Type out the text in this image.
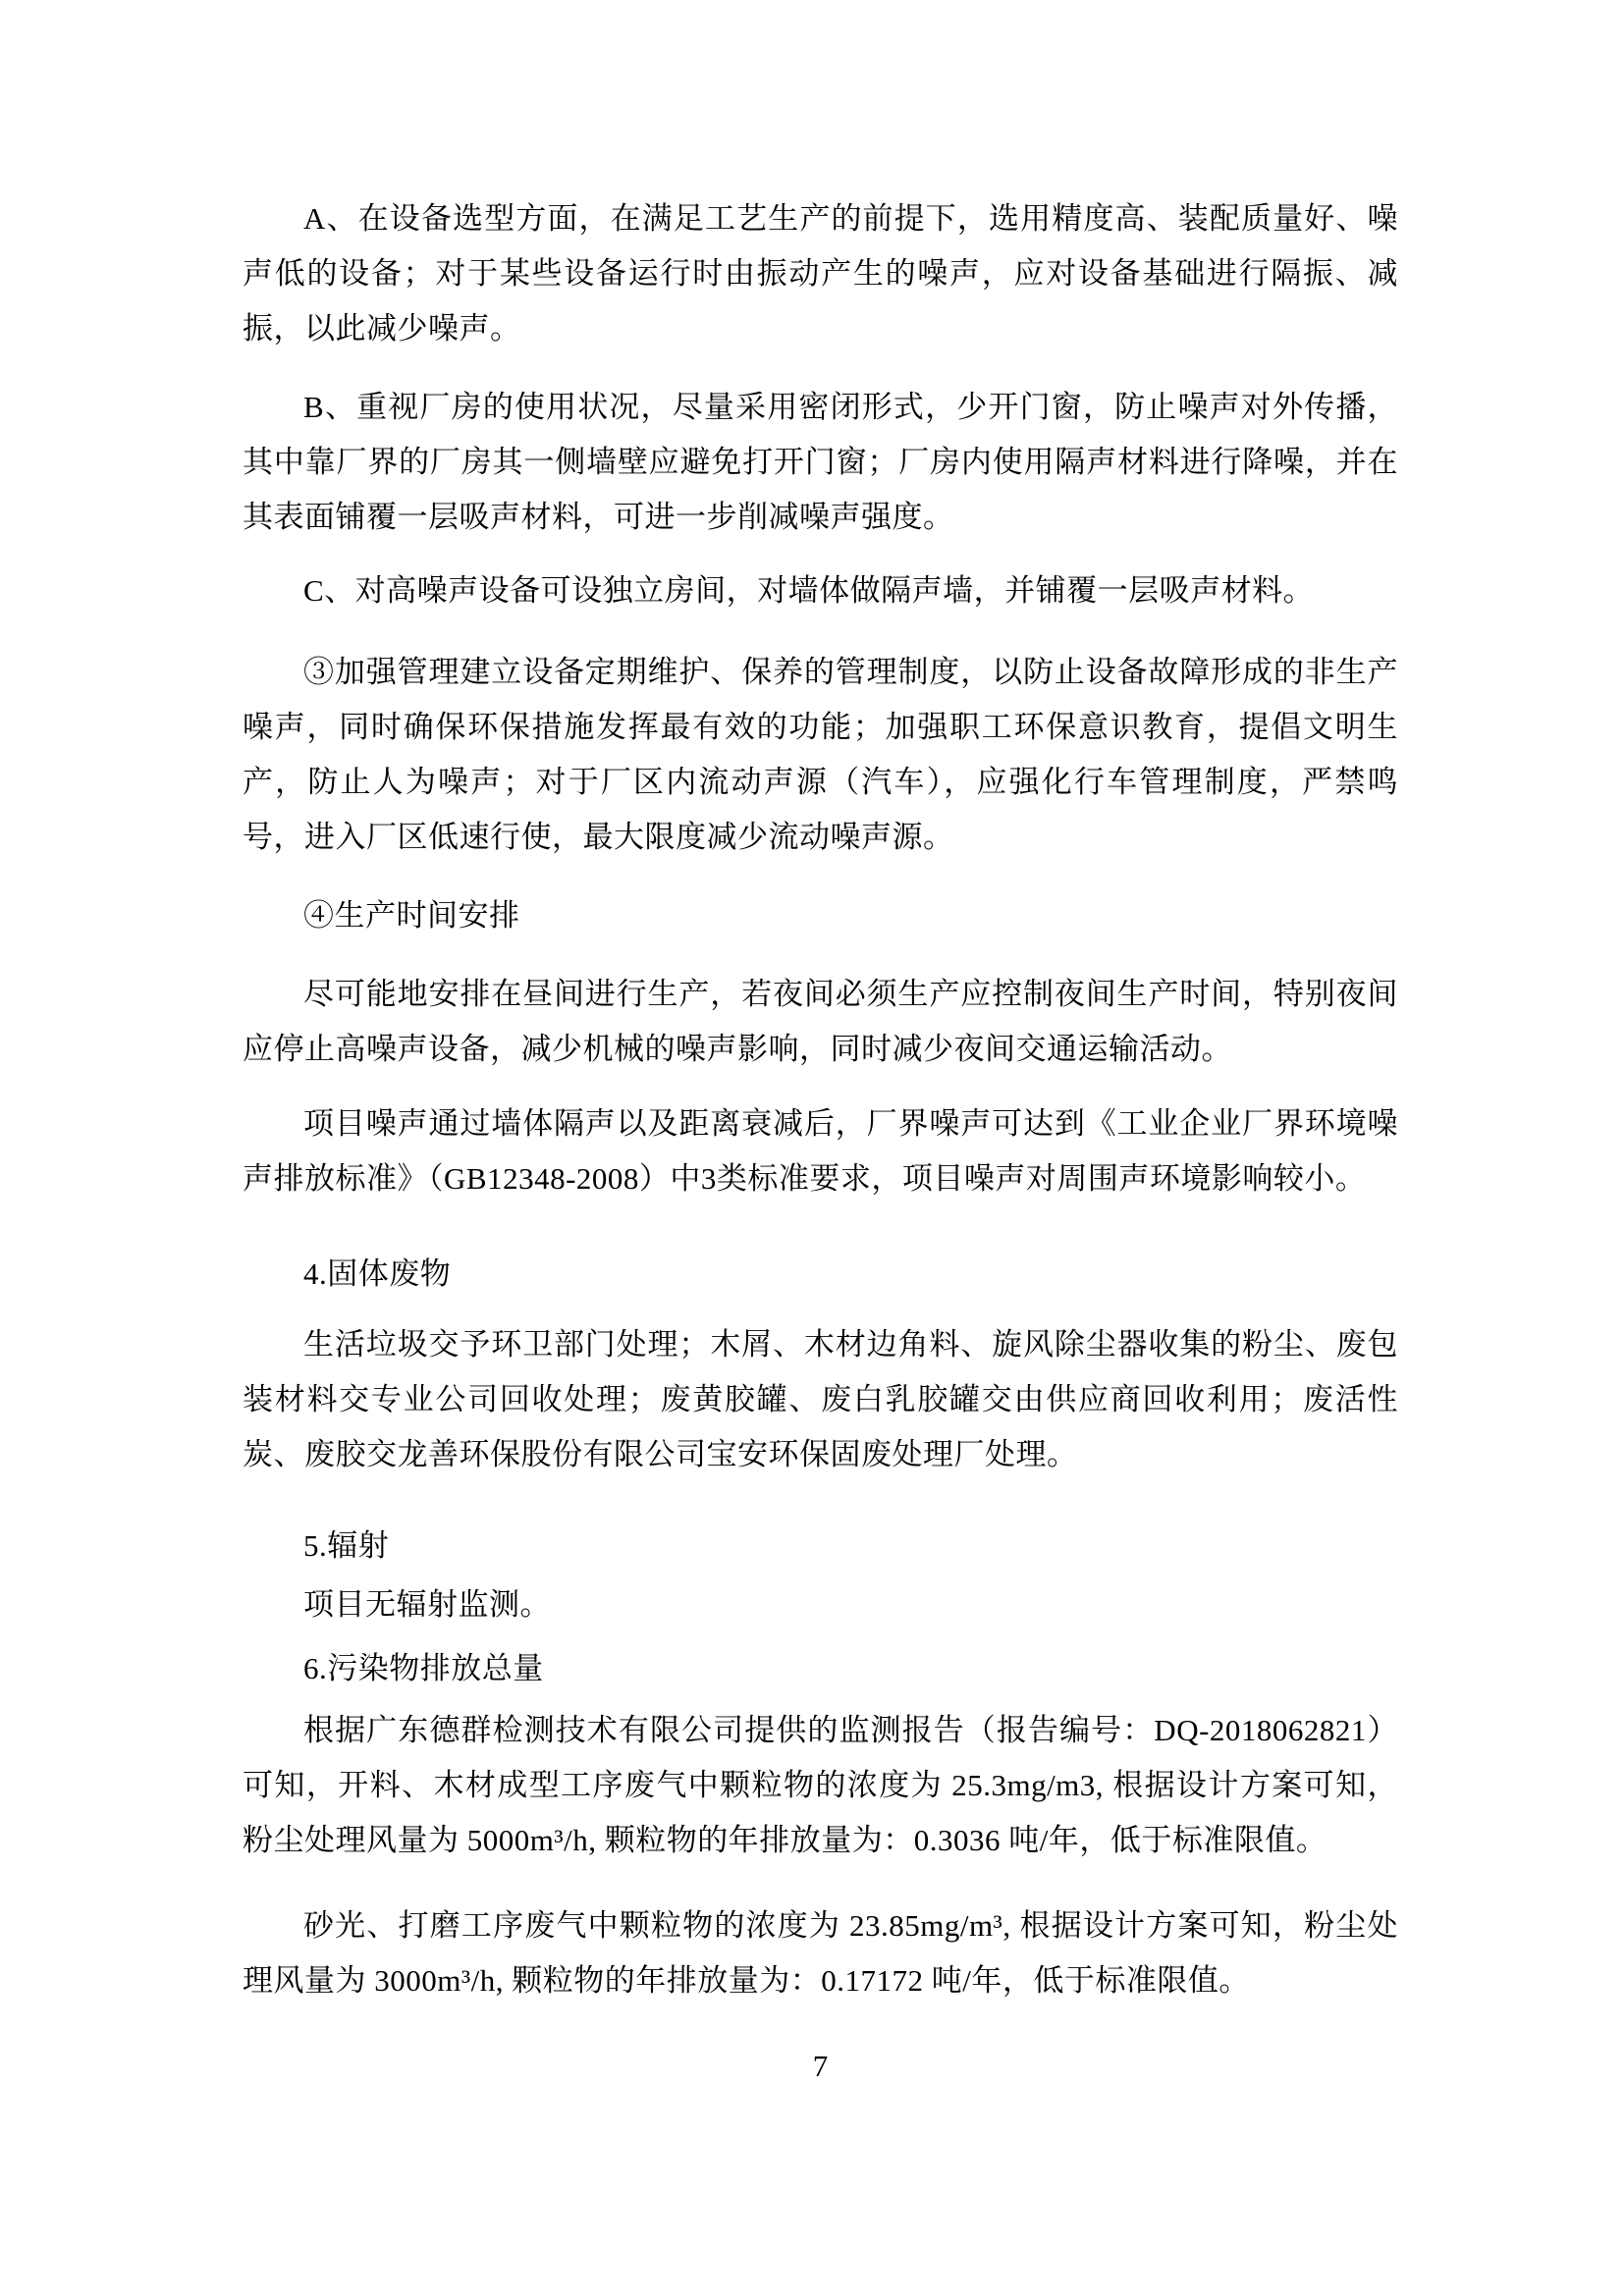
A、在设备选型方面，在满足工艺生产的前提下，选用精度高、装配质量好、噪声低的设备；对于某些设备运行时由振动产生的噪声，应对设备基础进行隔振、减振，以此减少噪声。

B、重视厂房的使用状况，尽量采用密闭形式，少开门窗，防止噪声对外传播，其中靠厂界的厂房其一侧墙壁应避免打开门窗；厂房内使用隔声材料进行降噪，并在其表面铺覆一层吸声材料，可进一步削减噪声强度。

C、对高噪声设备可设独立房间，对墙体做隔声墙，并铺覆一层吸声材料。

③加强管理建立设备定期维护、保养的管理制度，以防止设备故障形成的非生产噪声，同时确保环保措施发挥最有效的功能；加强职工环保意识教育，提倡文明生产，防止人为噪声；对于厂区内流动声源（汽车），应强化行车管理制度，严禁鸣号，进入厂区低速行使，最大限度减少流动噪声源。

④生产时间安排

尽可能地安排在昼间进行生产，若夜间必须生产应控制夜间生产时间，特别夜间应停止高噪声设备，减少机械的噪声影响，同时减少夜间交通运输活动。

项目噪声通过墙体隔声以及距离衰减后，厂界噪声可达到《工业企业厂界环境噪声排放标准》（GB12348-2008）中3类标准要求，项目噪声对周围声环境影响较小。

4.固体废物

生活垃圾交予环卫部门处理；木屑、木材边角料、旋风除尘器收集的粉尘、废包装材料交专业公司回收处理；废黄胶罐、废白乳胶罐交由供应商回收利用；废活性炭、废胶交龙善环保股份有限公司宝安环保固废处理厂处理。

5.辐射

项目无辐射监测。

6.污染物排放总量

根据广东德群检测技术有限公司提供的监测报告（报告编号：DQ-2018062821）可知，开料、木材成型工序废气中颗粒物的浓度为 25.3mg/m3, 根据设计方案可知，粉尘处理风量为 5000m³/h, 颗粒物的年排放量为：0.3036 吨/年，低于标准限值。

砂光、打磨工序废气中颗粒物的浓度为 23.85mg/m³, 根据设计方案可知，粉尘处理风量为 3000m³/h, 颗粒物的年排放量为：0.17172 吨/年，低于标准限值。

7
